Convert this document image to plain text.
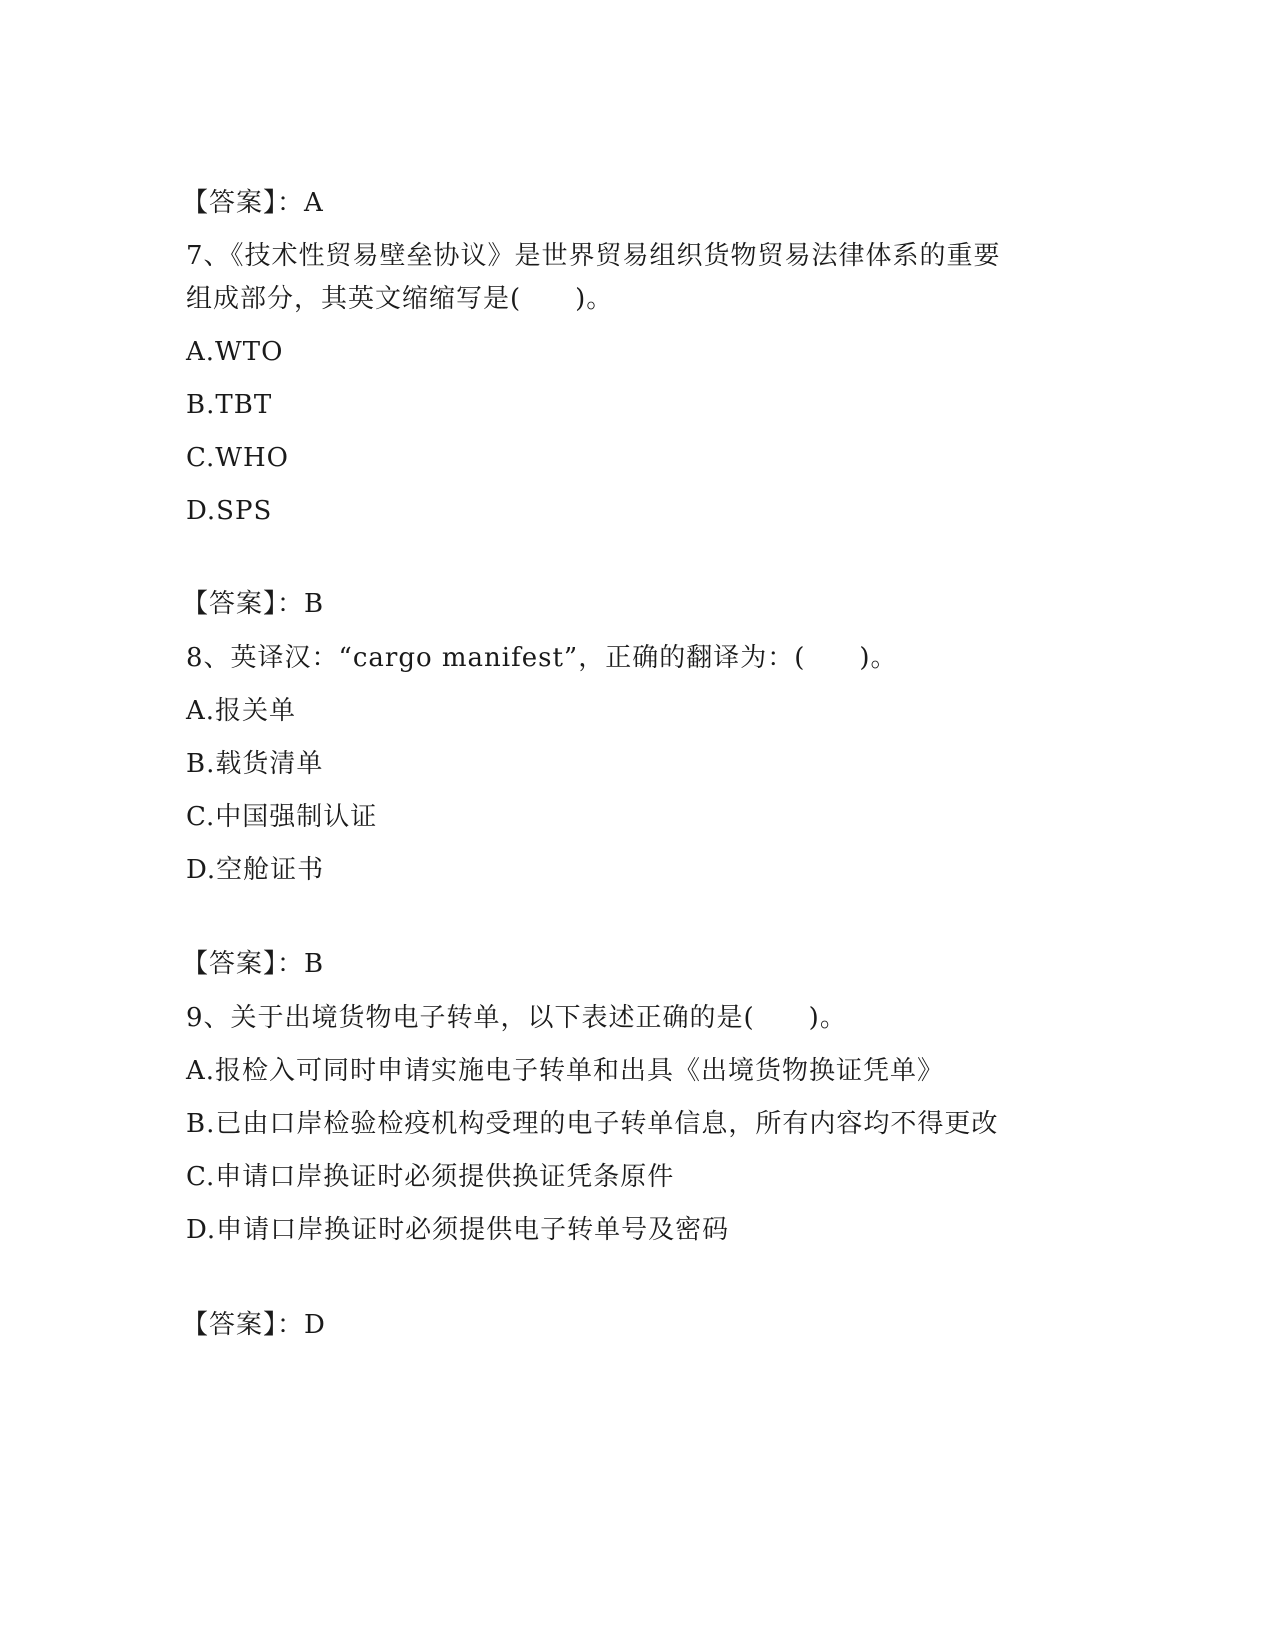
【答案】：A
7、《技术性贸易壁垒协议》是世界贸易组织货物贸易法律体系的重要
组成部分，其英文缩缩写是(　　)。
A.WTO
B.TBT
C.WHO
D.SPS
【答案】：B
8、英译汉：“cargo manifest”，正确的翻译为：(　　)。
A.报关单
B.载货清单
C.中国强制认证
D.空舱证书
【答案】：B
9、关于出境货物电子转单，以下表述正确的是(　　)。
A.报检入可同时申请实施电子转单和出具《出境货物换证凭单》
B.已由口岸检验检疫机构受理的电子转单信息，所有内容均不得更改
C.申请口岸换证时必须提供换证凭条原件
D.申请口岸换证时必须提供电子转单号及密码
【答案】：D
